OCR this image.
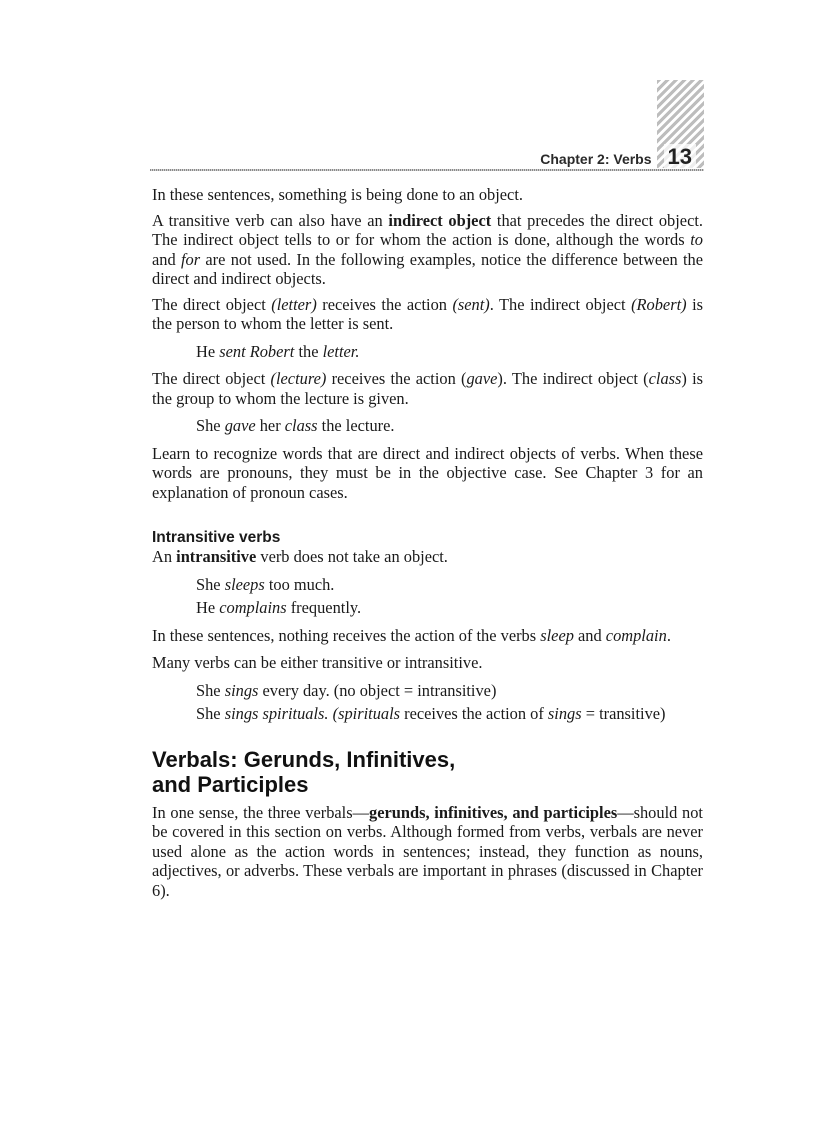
Chapter 2: Verbs 13

In these sentences, something is being done to an object.

A transitive verb can also have an indirect object that precedes the direct object. The indirect object tells to or for whom the action is done, although the words to and for are not used. In the following examples, notice the difference between the direct and indirect objects.

The direct object (letter) receives the action (sent). The indirect object (Robert) is the person to whom the letter is sent.

He sent Robert the letter.

The direct object (lecture) receives the action (gave). The indirect object (class) is the group to whom the lecture is given.

She gave her class the lecture.

Learn to recognize words that are direct and indirect objects of verbs. When these words are pronouns, they must be in the objective case. See Chapter 3 for an explanation of pronoun cases.

Intransitive verbs

An intransitive verb does not take an object.

She sleeps too much.

He complains frequently.

In these sentences, nothing receives the action of the verbs sleep and complain.

Many verbs can be either transitive or intransitive.

She sings every day. (no object = intransitive)

She sings spirituals. (spirituals receives the action of sings = transitive)

Verbals: Gerunds, Infinitives,
and Participles

In one sense, the three verbals—gerunds, infinitives, and participles—should not be covered in this section on verbs. Although formed from verbs, verbals are never used alone as the action words in sentences; instead, they function as nouns, adjectives, or adverbs. These verbals are important in phrases (discussed in Chapter 6).
